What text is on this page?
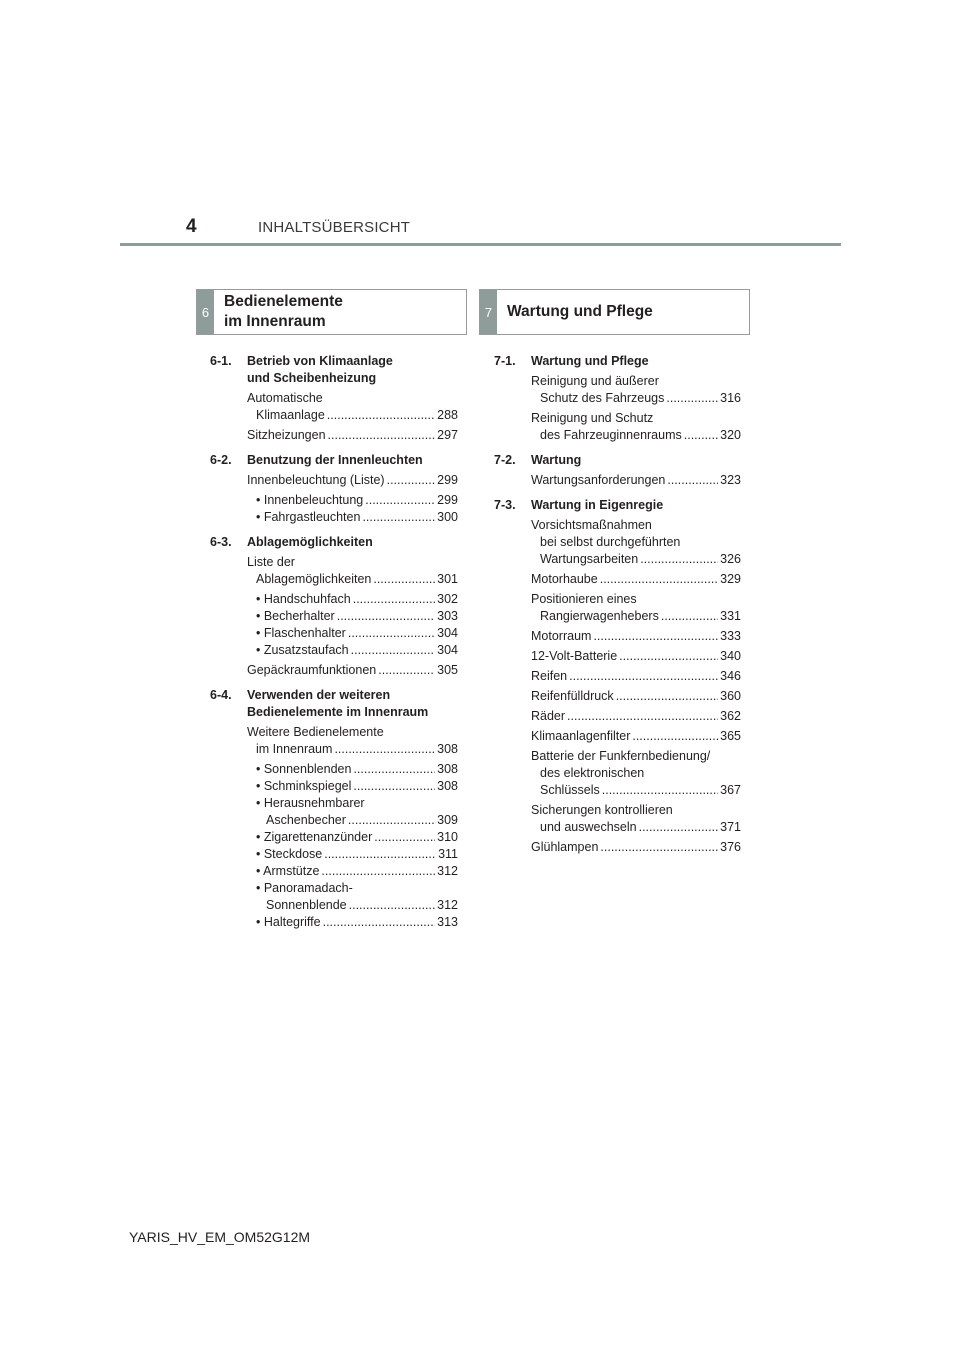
4	INHALTSÜBERSICHT
6
Bedienelemente
im Innenraum
7 Wartung und Pflege
6-1.	Betrieb von Klimaanlage
und Scheibenheizung
Automatische
Klimaanlage .....	288
Sitzheizungen .....	297
6-2.	Benutzung der Innenleuchten
Innenbeleuchtung (Liste) .....	299
• Innenbeleuchtung .....	299
• Fahrgastleuchten .....	300
6-3.	Ablagemöglichkeiten
Liste der
Ablagemöglichkeiten .....	301
• Handschuhfach .....	302
• Becherhalter .....	303
• Flaschenhalter .....	304
• Zusatzstaufach .....	304
Gepäckraumfunktionen .....	305
6-4.	Verwenden der weiteren
Bedienelemente im Innenraum
Weitere Bedienelemente
im Innenraum .....	308
• Sonnenblenden .....	308
• Schminkspiegel .....	308
• Herausnehmbarer
Aschenbecher .....	309
• Zigarettenanzünder .....	310
• Steckdose .....	311
• Armstütze .....	312
• Panoramadach-
Sonnenblende .....	312
• Haltegriffe .....	313
7-1.	Wartung und Pflege
Reinigung und äußerer
Schutz des Fahrzeugs .....	316
Reinigung und Schutz
des Fahrzeuginnenraums .....	320
7-2.	Wartung
Wartungsanforderungen .....	323
7-3.	Wartung in Eigenregie
Vorsichtsmaßnahmen
bei selbst durchgeführten
Wartungsarbeiten .....	326
Motorhaube .....	329
Positionieren eines
Rangierwagenhebers .....	331
Motorraum .....	333
12-Volt-Batterie .....	340
Reifen .....	346
Reifenfülldruck .....	360
Räder .....	362
Klimaanlagenfilter .....	365
Batterie der Funkfernbedienung/
des elektronischen
Schlüssels .....	367
Sicherungen kontrollieren
und auswechseln .....	371
Glühlampen .....	376
YARIS_HV_EM_OM52G12M
